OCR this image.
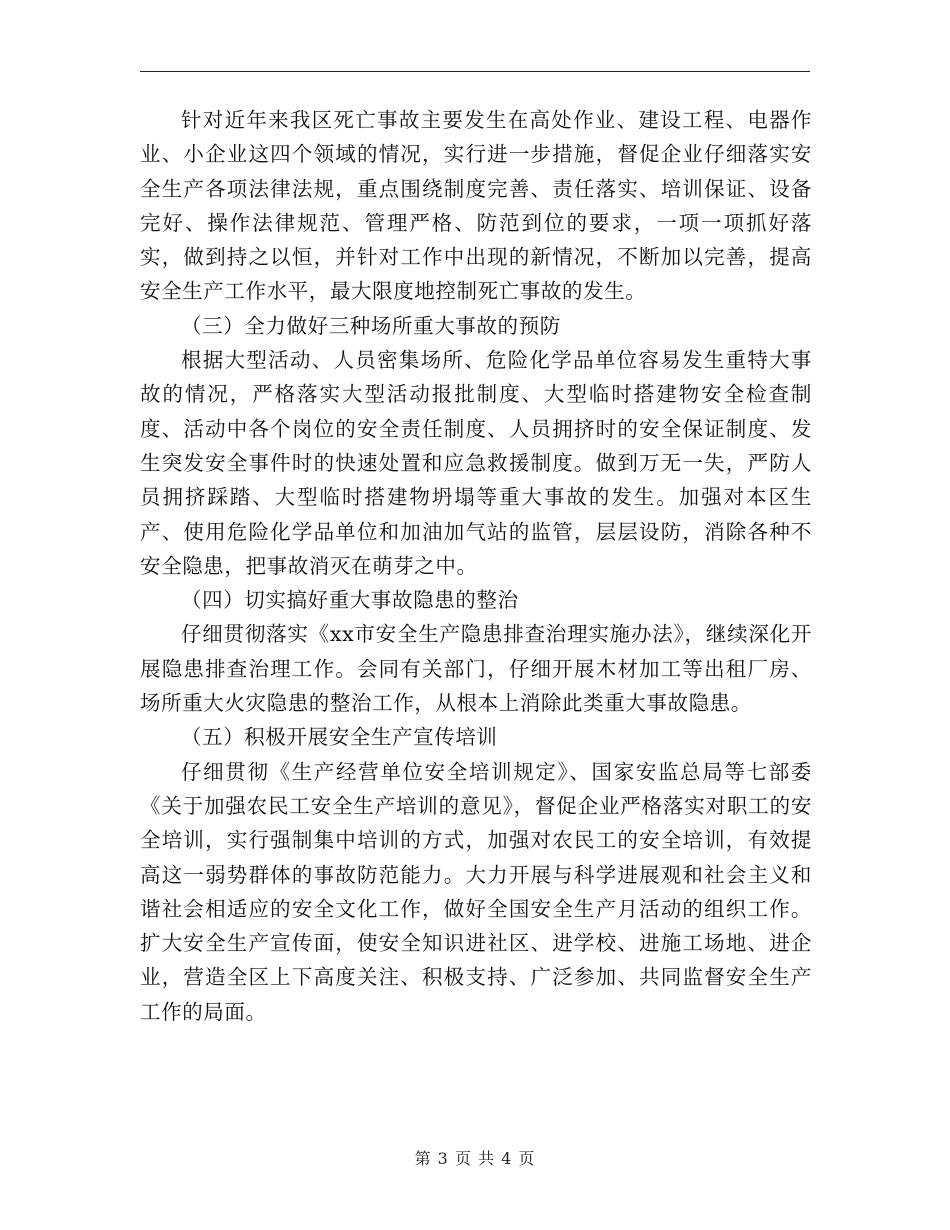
针对近年来我区死亡事故主要发生在高处作业、建设工程、电器作业、小企业这四个领域的情况，实行进一步措施，督促企业仔细落实安全生产各项法律法规，重点围绕制度完善、责任落实、培训保证、设备完好、操作法律规范、管理严格、防范到位的要求，一项一项抓好落实，做到持之以恒，并针对工作中出现的新情况，不断加以完善，提高安全生产工作水平，最大限度地控制死亡事故的发生。

（三）全力做好三种场所重大事故的预防

根据大型活动、人员密集场所、危险化学品单位容易发生重特大事故的情况，严格落实大型活动报批制度、大型临时搭建物安全检查制度、活动中各个岗位的安全责任制度、人员拥挤时的安全保证制度、发生突发安全事件时的快速处置和应急救援制度。做到万无一失，严防人员拥挤踩踏、大型临时搭建物坍塌等重大事故的发生。加强对本区生产、使用危险化学品单位和加油加气站的监管，层层设防，消除各种不安全隐患，把事故消灭在萌芽之中。

（四）切实搞好重大事故隐患的整治

仔细贯彻落实《xx市安全生产隐患排查治理实施办法》，继续深化开展隐患排查治理工作。会同有关部门，仔细开展木材加工等出租厂房、场所重大火灾隐患的整治工作，从根本上消除此类重大事故隐患。

（五）积极开展安全生产宣传培训

仔细贯彻《生产经营单位安全培训规定》、国家安监总局等七部委《关于加强农民工安全生产培训的意见》，督促企业严格落实对职工的安全培训，实行强制集中培训的方式，加强对农民工的安全培训，有效提高这一弱势群体的事故防范能力。大力开展与科学进展观和社会主义和谐社会相适应的安全文化工作，做好全国安全生产月活动的组织工作。扩大安全生产宣传面，使安全知识进社区、进学校、进施工场地、进企业，营造全区上下高度关注、积极支持、广泛参加、共同监督安全生产工作的局面。

第 3 页 共 4 页
